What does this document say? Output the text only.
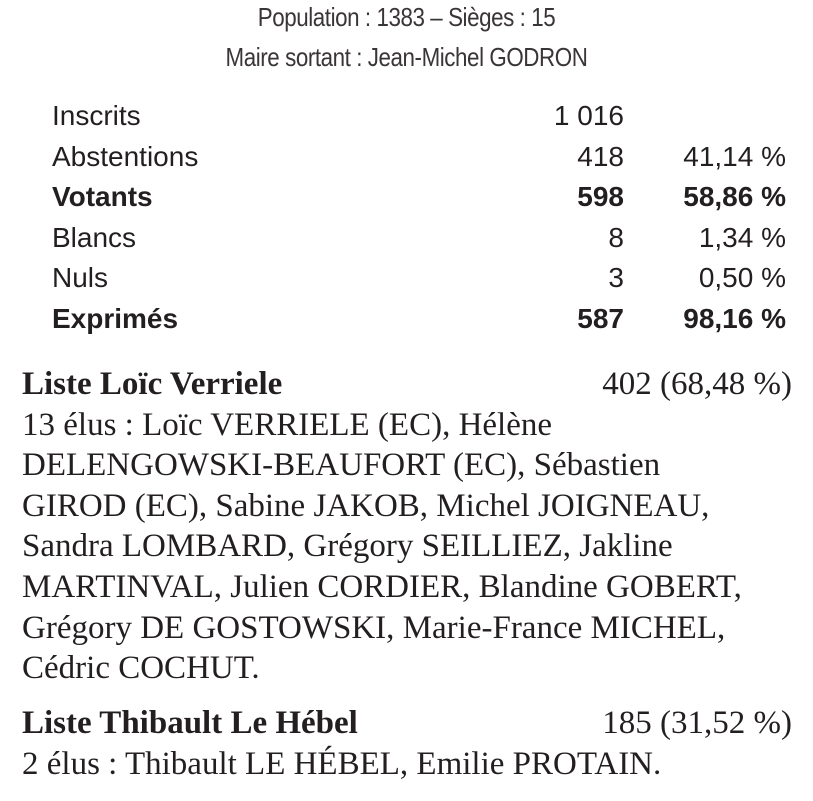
Population : 1383 – Sièges : 15
Maire sortant : Jean-Michel GODRON
Inscrits	1 016
Abstentions	418 41,14 %
Votants	598 58,86 %
Blancs	8	1,34 %
Nuls	3	0,50 %
Exprimés	587 98,16 %
Liste Loïc Verriele	402 (68,48 %)

13 élus : Loïc VERRIELE (EC), Hélène

DELENGOWSKI-BEAUFORT (EC), Sébastien

GIROD (EC), Sabine JAKOB, Michel JOIGNEAU,

Sandra LOMBARD, Grégory SEILLIEZ, Jakline

MARTINVAL, Julien CORDIER, Blandine GOBERT,

Grégory DE GOSTOWSKI, Marie-France MICHEL,

Cédric COCHUT.

Liste Thibault Le Hébel	185 (31,52 %)

2 élus : Thibault LE HÉBEL, Emilie PROTAIN.
